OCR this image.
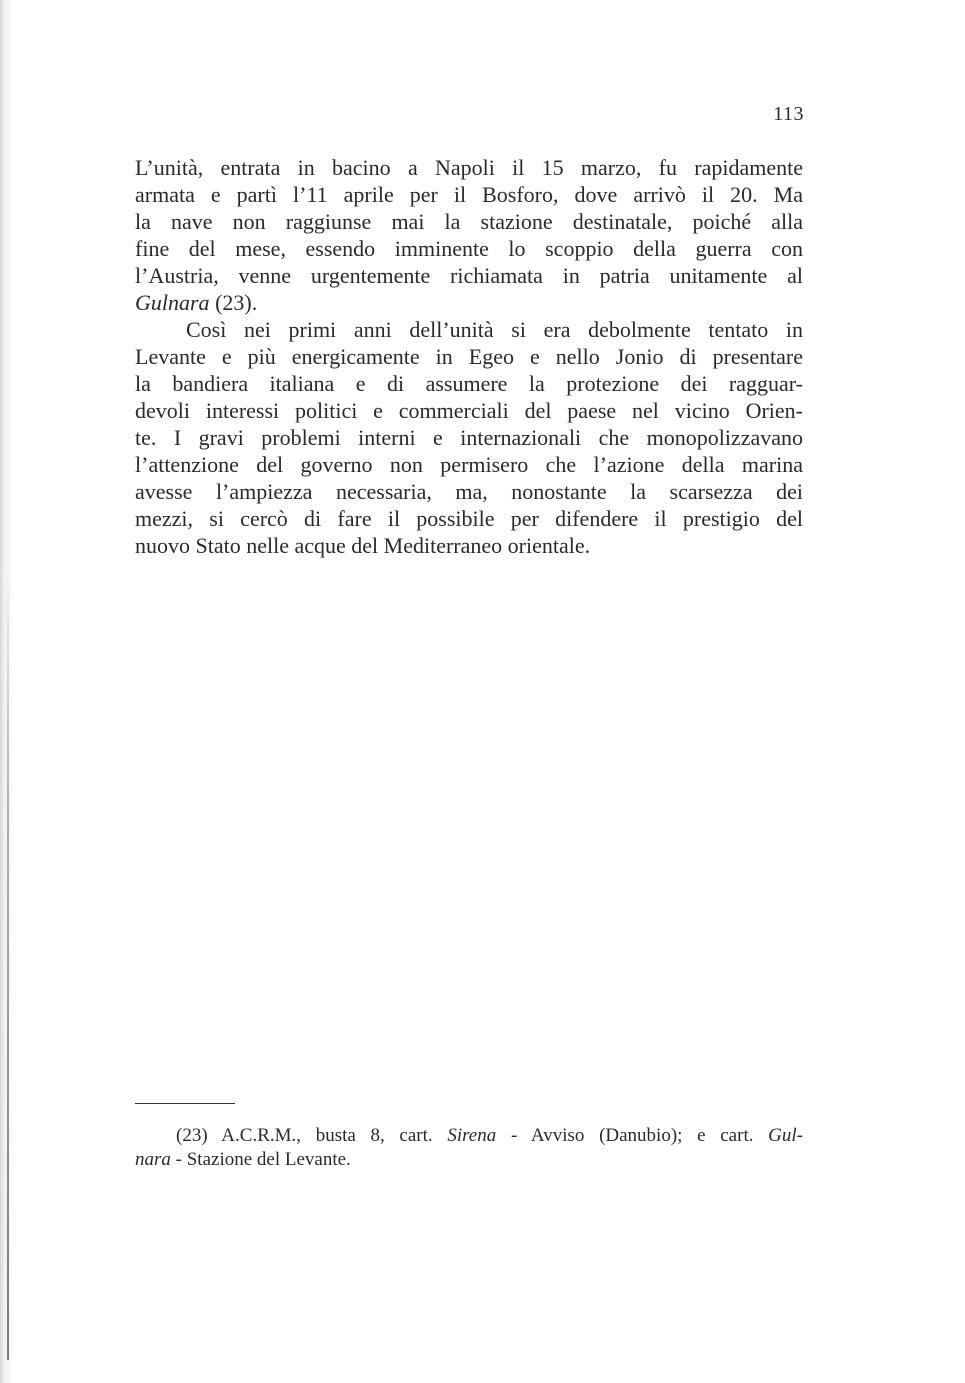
113
L’unità, entrata in bacino a Napoli il 15 marzo, fu rapidamente
armata e partì l’11 aprile per il Bosforo, dove arrivò il 20. Ma
la nave non raggiunse mai la stazione destinatale, poiché alla
fine del mese, essendo imminente lo scoppio della guerra con
l’Austria, venne urgentemente richiamata in patria unitamente al
Gulnara (23).
Così nei primi anni dell’unità si era debolmente tentato in
Levante e più energicamente in Egeo e nello Jonio di presentare
la bandiera italiana e di assumere la protezione dei ragguar-
devoli interessi politici e commerciali del paese nel vicino Orien-
te. I gravi problemi interni e internazionali che monopolizzavano
l’attenzione del governo non permisero che l’azione della marina
avesse l’ampiezza necessaria, ma, nonostante la scarsezza dei
mezzi, si cercò di fare il possibile per difendere il prestigio del
nuovo Stato nelle acque del Mediterraneo orientale.
(23) A.C.R.M., busta 8, cart. Sirena - Avviso (Danubio); e cart. Gul-
nara - Stazione del Levante.
